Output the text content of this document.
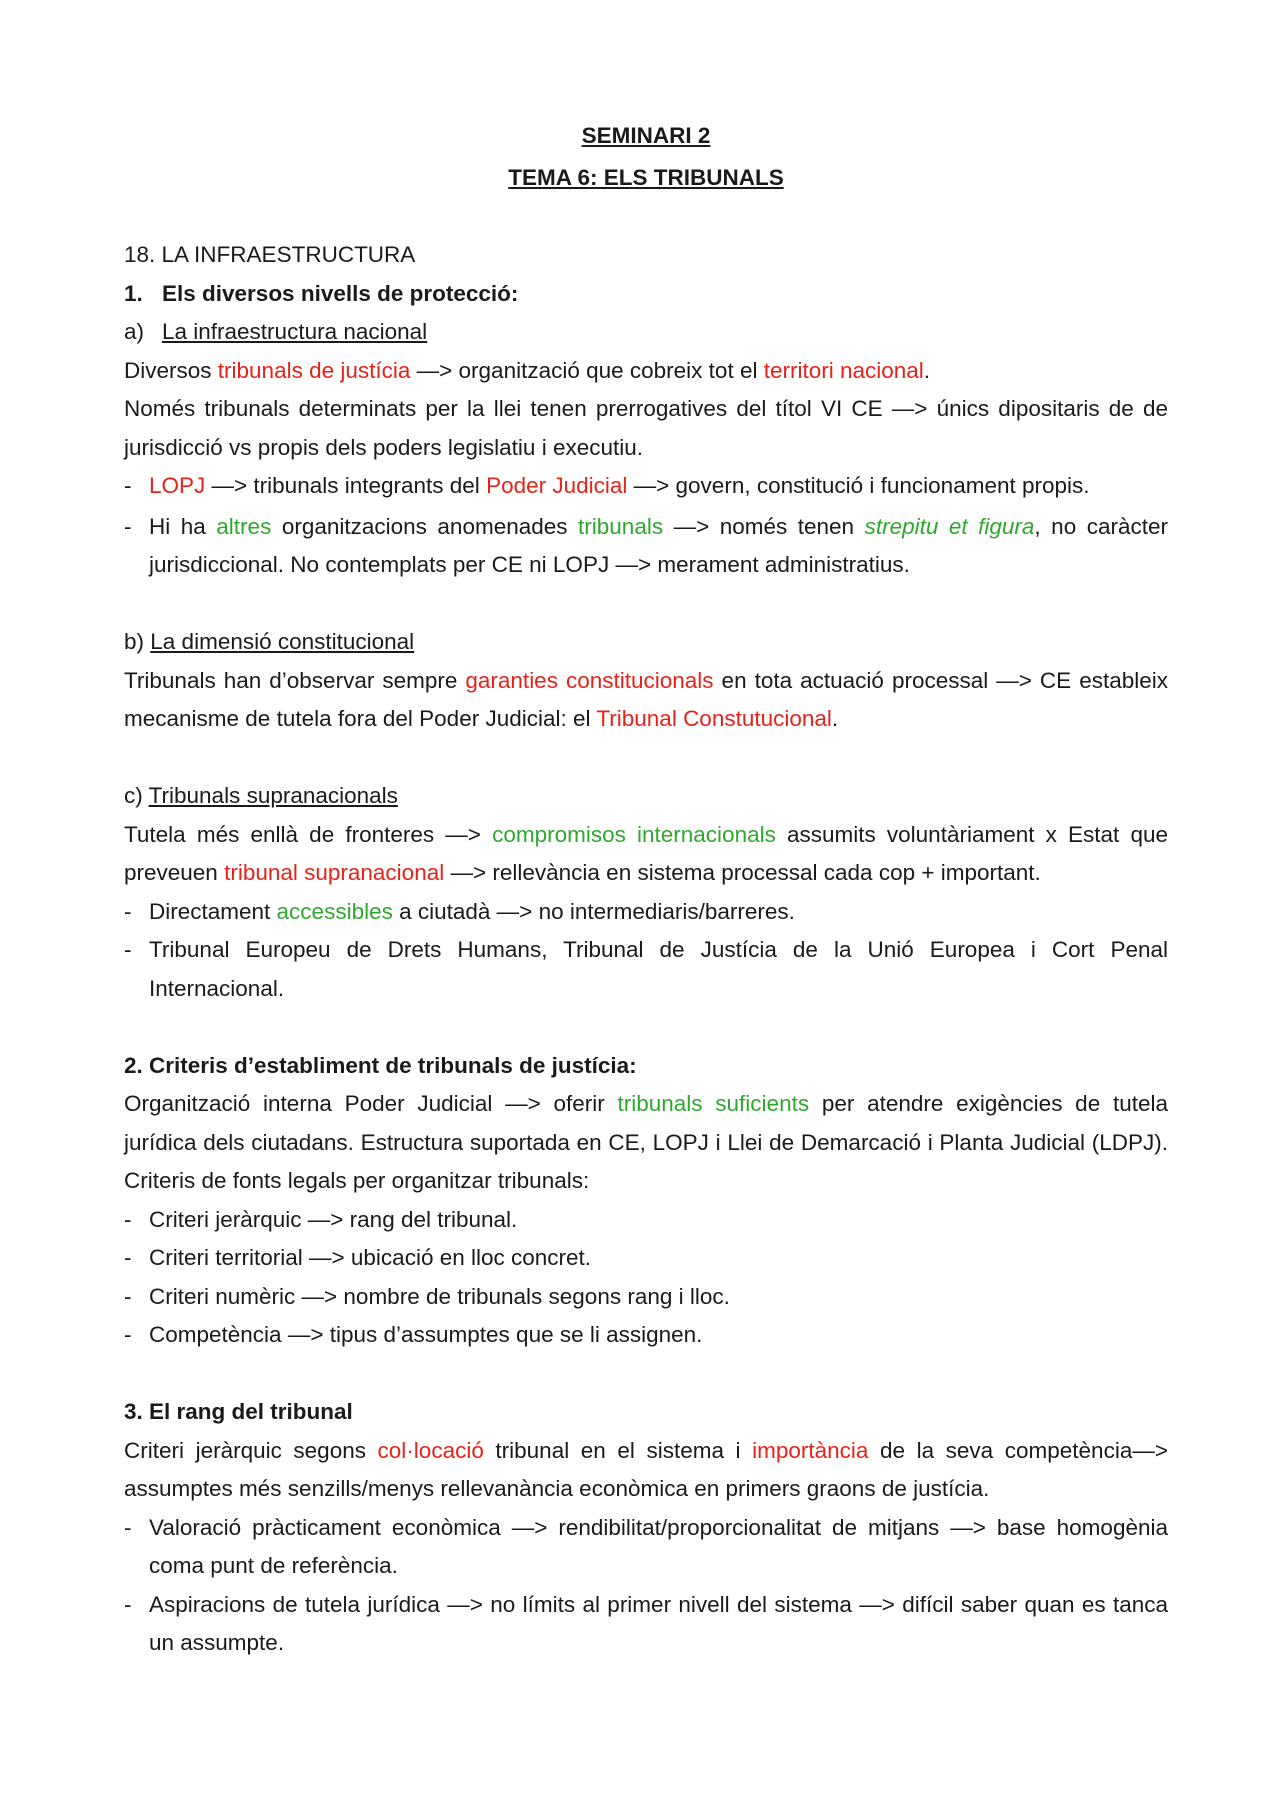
SEMINARI 2

TEMA 6: ELS TRIBUNALS

18. LA INFRAESTRUCTURA

1. Els diversos nivells de protecció:

a) La infraestructura nacional

Diversos tribunals de justícia —> organització que cobreix tot el territori nacional.

Només tribunals determinats per la llei tenen prerrogatives del títol VI CE —> únics dipositaris de de jurisdicció vs propis dels poders legislatiu i executiu.

- LOPJ —> tribunals integrants del Poder Judicial —> govern, constitució i funcionament propis.
- Hi ha altres organitzacions anomenades tribunals —> només tenen strepitu et figura, no caràcter jurisdiccional. No contemplats per CE ni LOPJ —> merament administratius.

b) La dimensió constitucional

Tribunals han d’observar sempre garanties constitucionals en tota actuació processal —> CE estableix mecanisme de tutela fora del Poder Judicial: el Tribunal Constutucional.

c) Tribunals supranacionals

Tutela més enllà de fronteres —> compromisos internacionals assumits voluntàriament x Estat que preveuen tribunal supranacional —> rellevància en sistema processal cada cop + important.

- Directament accessibles a ciutadà —> no intermediaris/barreres.
- Tribunal Europeu de Drets Humans, Tribunal de Justícia de la Unió Europea i Cort Penal Internacional.

2. Criteris d’establiment de tribunals de justícia:

Organització interna Poder Judicial —> oferir tribunals suficients per atendre exigències de tutela jurídica dels ciutadans. Estructura suportada en CE, LOPJ i Llei de Demarcació i Planta Judicial (LDPJ). Criteris de fonts legals per organitzar tribunals:

- Criteri jeràrquic —> rang del tribunal.
- Criteri territorial —> ubicació en lloc concret.
- Criteri numèric —> nombre de tribunals segons rang i lloc.
- Competència —> tipus d’assumptes que se li assignen.

3. El rang del tribunal

Criteri jeràrquic segons col·locació tribunal en el sistema i importància de la seva competència—> assumptes més senzills/menys rellevanància econòmica en primers graons de justícia.

- Valoració pràcticament econòmica —> rendibilitat/proporcionalitat de mitjans —> base homogènia coma punt de referència.
- Aspiracions de tutela jurídica —> no límits al primer nivell del sistema —> difícil saber quan es tanca un assumpte.
